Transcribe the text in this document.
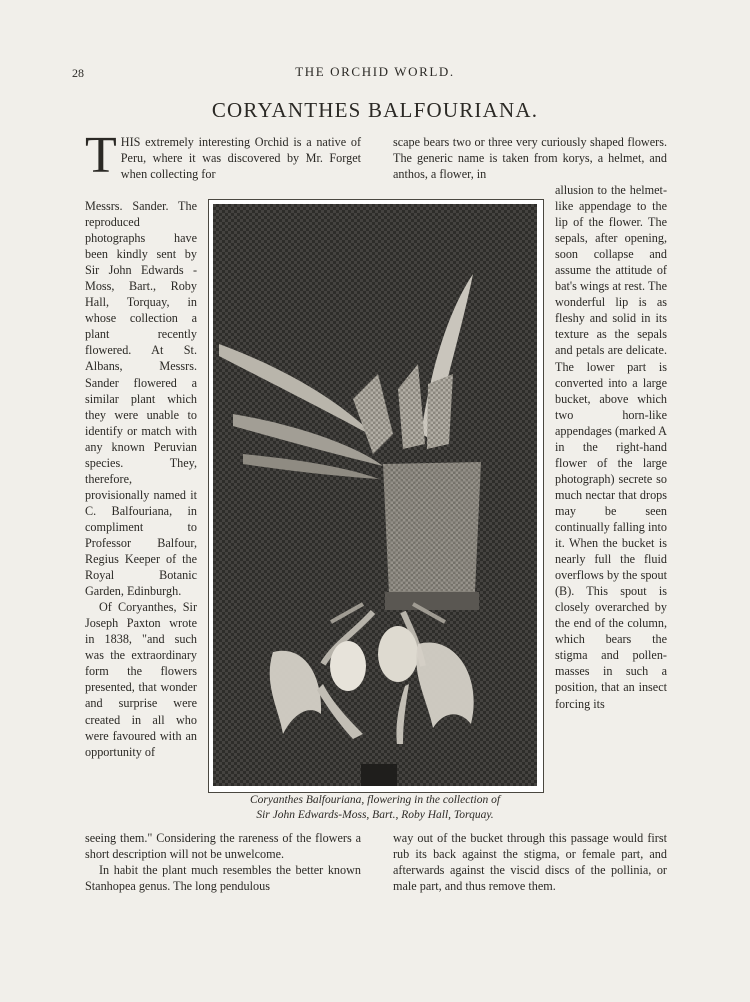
28	THE ORCHID WORLD.
CORYANTHES BALFOURIANA.
T HIS extremely interesting Orchid is a native of Peru, where it was discovered by Mr. Forget when collecting for

Messrs. Sander. The reproduced photographs have been kindly sent by Sir John Edwards - Moss, Bart., Roby Hall, Torquay, in whose collection a plant recently flowered. At St. Albans, Messrs. Sander flowered a similar plant which they were unable to identify or match with any known Peruvian species. They, therefore, provisionally named it C. Balfouriana, in compliment to Professor Balfour, Regius Keeper of the Royal Botanic Garden, Edinburgh.

Of Coryanthes, Sir Joseph Paxton wrote in 1838, "and such was the extraordinary form the flowers presented, that wonder and surprise were created in all who were favoured with an opportunity of

seeing them." Considering the rareness of the flowers a short description will not be unwelcome.

In habit the plant much resembles the better known Stanhopea genus. The long pendulous

scape bears two or three very curiously shaped flowers. The generic name is taken from korys, a helmet, and anthos, a flower, in

allusion to the helmet-like appendage to the lip of the flower. The sepals, after opening, soon collapse and assume the attitude of bat's wings at rest. The wonderful lip is as fleshy and solid in its texture as the sepals and petals are delicate. The lower part is converted into a large bucket, above which two horn-like appendages (marked A in the right-hand flower of the large photograph) secrete so much nectar that drops may be seen continually falling into it. When the bucket is nearly full the fluid overflows by the spout (B). This spout is closely overarched by the end of the column, which bears the stigma and pollen-masses in such a position, that an insect forcing its

way out of the bucket through this passage would first rub its back against the stigma, or female part, and afterwards against the viscid discs of the pollinia, or male part, and thus remove them.

Coryanthes Balfouriana, flowering in the collection of
Sir John Edwards-Moss, Bart., Roby Hall, Torquay.
